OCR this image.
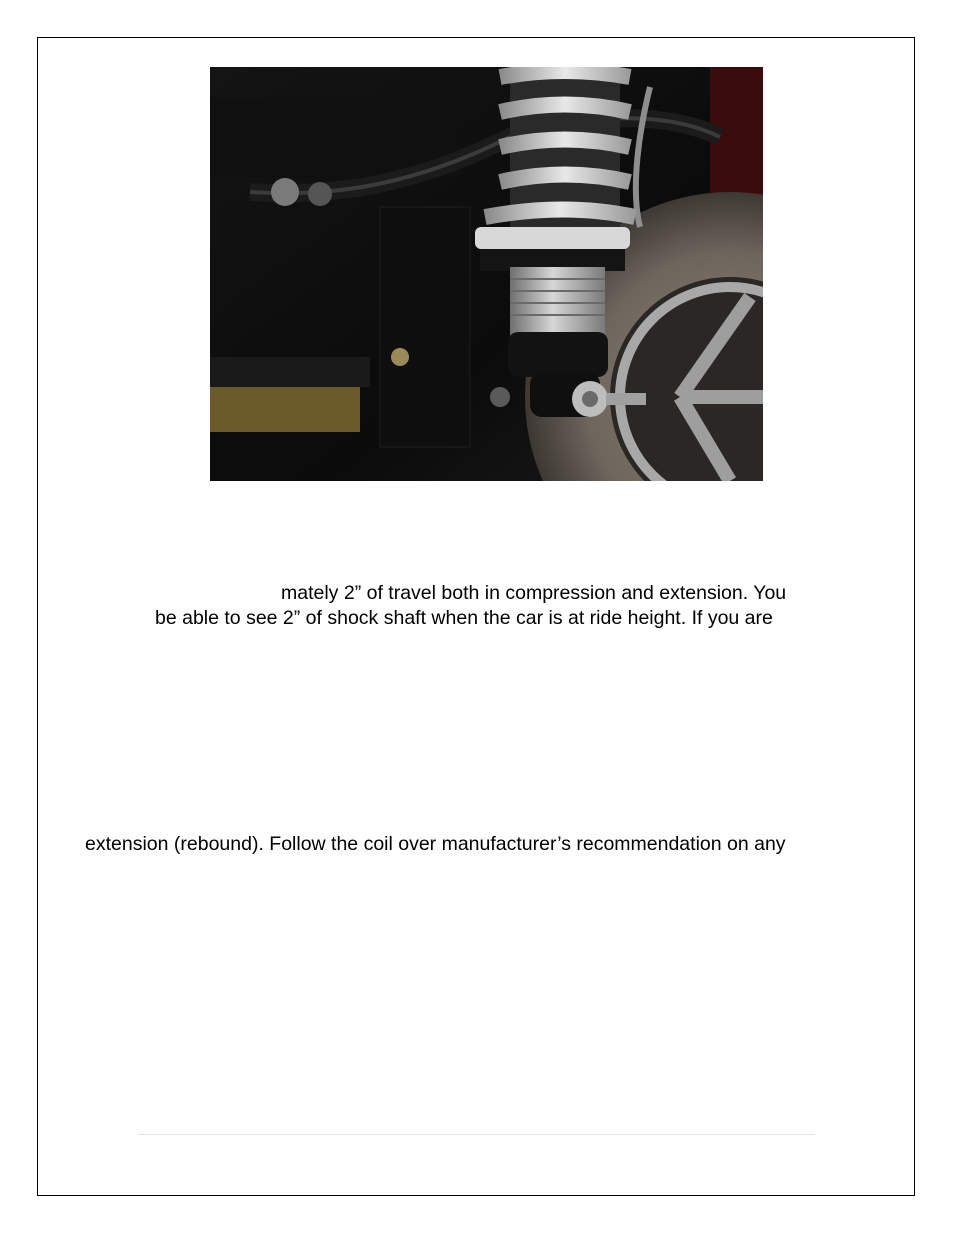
mately 2” of travel both in compression and extension. You
be able to see 2” of shock shaft when the car is at ride height. If you are
extension (rebound). Follow the coil over manufacturer’s recommendation on any
